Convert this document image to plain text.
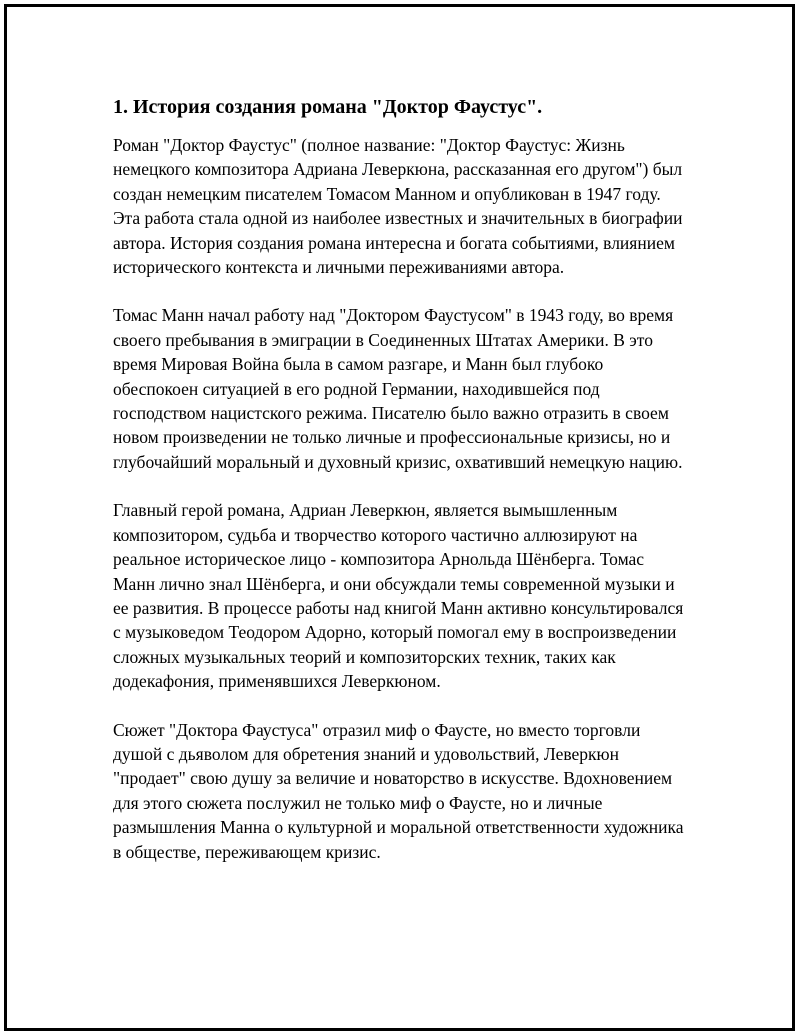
1. История создания романа "Доктор Фаустус".

Роман "Доктор Фаустус" (полное название: "Доктор Фаустус: Жизнь немецкого композитора Адриана Леверкюна, рассказанная его другом") был создан немецким писателем Томасом Манном и опубликован в 1947 году. Эта работа стала одной из наиболее известных и значительных в биографии автора. История создания романа интересна и богата событиями, влиянием исторического контекста и личными переживаниями автора.

Томас Манн начал работу над "Доктором Фаустусом" в 1943 году, во время своего пребывания в эмиграции в Соединенных Штатах Америки. В это время Мировая Война была в самом разгаре, и Манн был глубоко обеспокоен ситуацией в его родной Германии, находившейся под господством нацистского режима. Писателю было важно отразить в своем новом произведении не только личные и профессиональные кризисы, но и глубочайший моральный и духовный кризис, охвативший немецкую нацию.

Главный герой романа, Адриан Леверкюн, является вымышленным композитором, судьба и творчество которого частично аллюзируют на реальное историческое лицо - композитора Арнольда Шёнберга. Томас Манн лично знал Шёнберга, и они обсуждали темы современной музыки и ее развития. В процессе работы над книгой Манн активно консультировался с музыковедом Теодором Адорно, который помогал ему в воспроизведении сложных музыкальных теорий и композиторских техник, таких как додекафония, применявшихся Леверкюном.

Сюжет "Доктора Фаустуса" отразил миф о Фаусте, но вместо торговли душой с дьяволом для обретения знаний и удовольствий, Леверкюн "продает" свою душу за величие и новаторство в искусстве. Вдохновением для этого сюжета послужил не только миф о Фаусте, но и личные размышления Манна о культурной и моральной ответственности художника в обществе, переживающем кризис.
